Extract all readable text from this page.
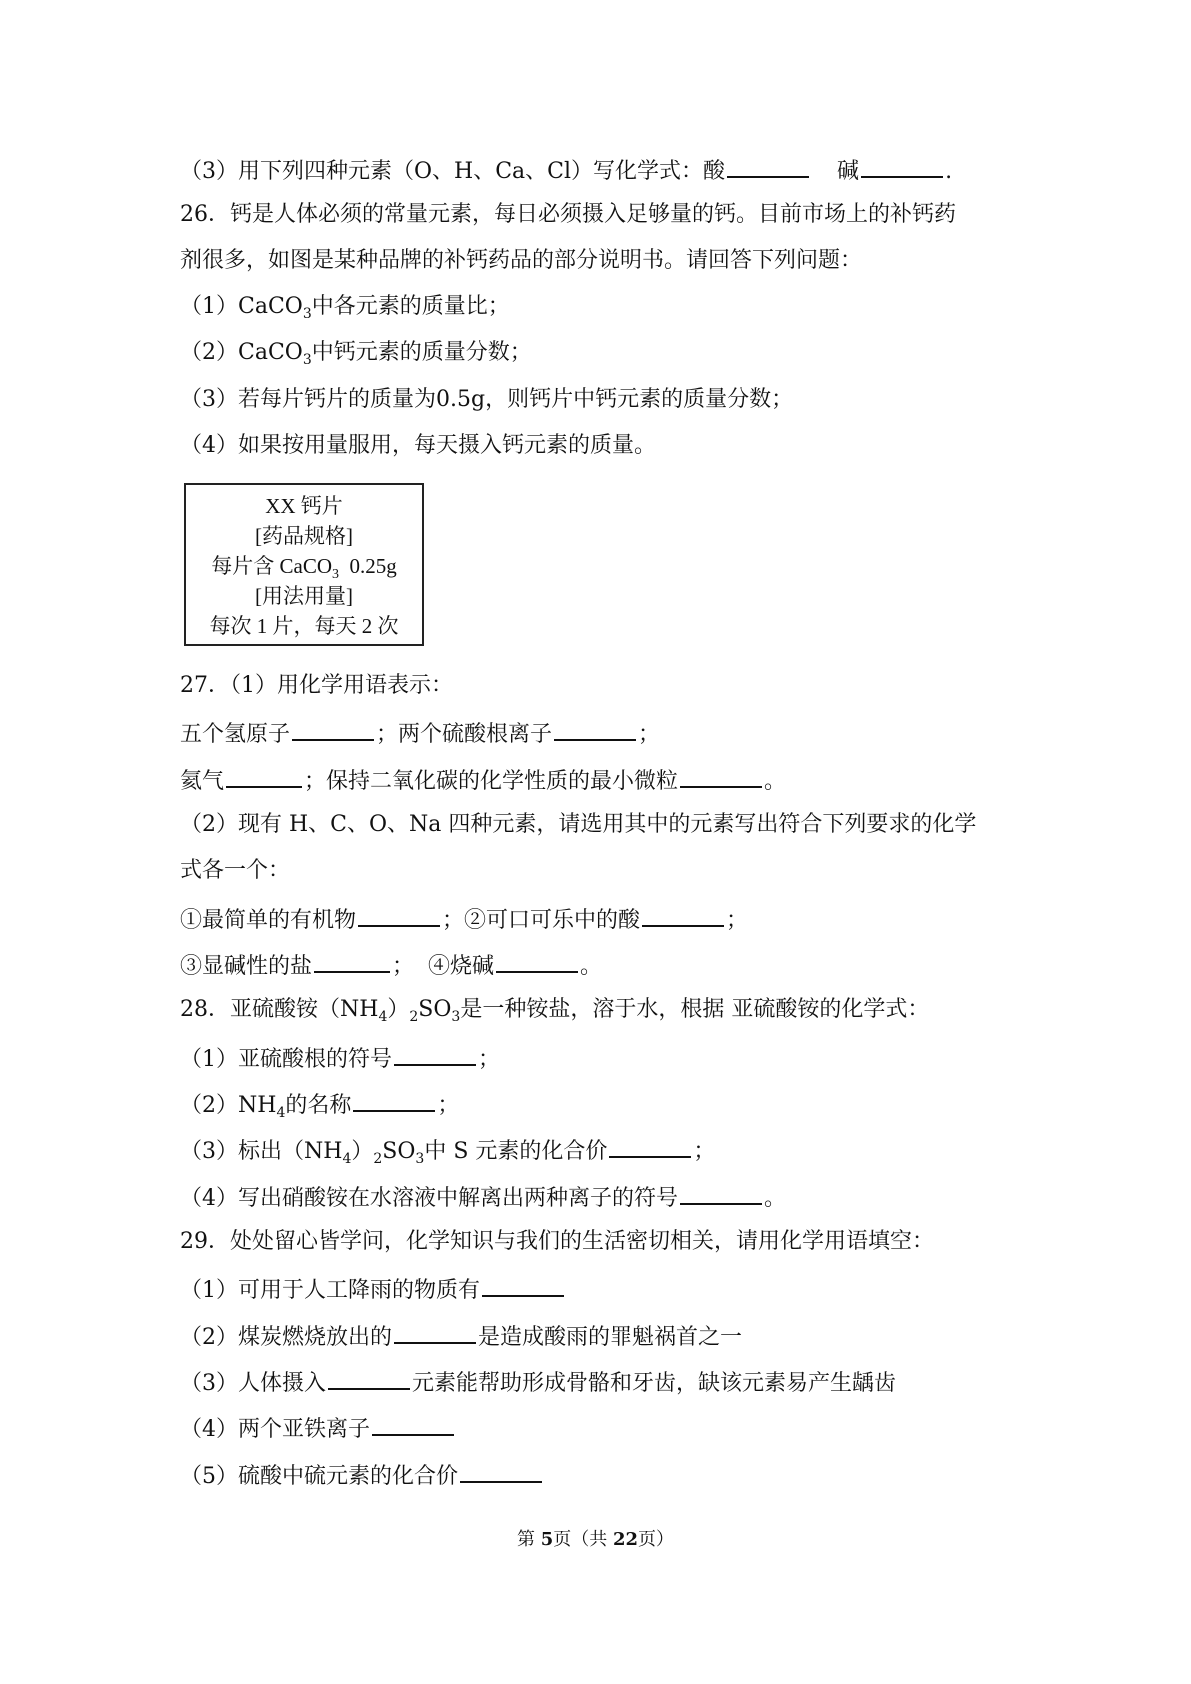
（3）用下列四种元素（O、H、Ca、Cl）写化学式：酸	碱	.
26．钙是人体必须的常量元素，每日必须摄入足够量的钙。目前市场上的补钙药
剂很多，如图是某种品牌的补钙药品的部分说明书。请回答下列问题：
（1）CaCO$_3$中各元素的质量比；
（2）CaCO$_3$中钙元素的质量分数；
（3）若每片钙片的质量为0.5g，则钙片中钙元素的质量分数；
（4）如果按用量服用，每天摄入钙元素的质量。
XX 钙片
[药品规格]
每片含 CaCO$_3$  0.25g
[用法用量]
每次 1 片，每天 2 次
27．（1）用化学用语表示：
五个氢原子	；两个硫酸根离子	；
氦气	；保持二氧化碳的化学性质的最小微粒	。
（2）现有 H、C、O、Na 四种元素，请选用其中的元素写出符合下列要求的化学
式各一个：
①最简单的有机物	；②可口可乐中的酸	；
③显碱性的盐	；  ④烧碱	。
28．亚硫酸铵$(NH_4)_2SO_3$是一种铵盐，溶于水，根据 亚硫酸铵的化学式：
（1）亚硫酸根的符号	；
$(2)NH_4$的名称	；
（3）标出$(NH_4)_2SO_3$中 S 元素的化合价	；
（4）写出硝酸铵在水溶液中解离出两种离子的符号	。
29．处处留心皆学问，化学知识与我们的生活密切相关，请用化学用语填空：
（1）可用于人工降雨的物质有
（2）煤炭燃烧放出的	是造成酸雨的罪魁祸首之一
（3）人体摄入	元素能帮助形成骨骼和牙齿，缺该元素易产生龋齿
（4）两个亚铁离子
（5）硫酸中硫元素的化合价
第 5页（共 22页）
